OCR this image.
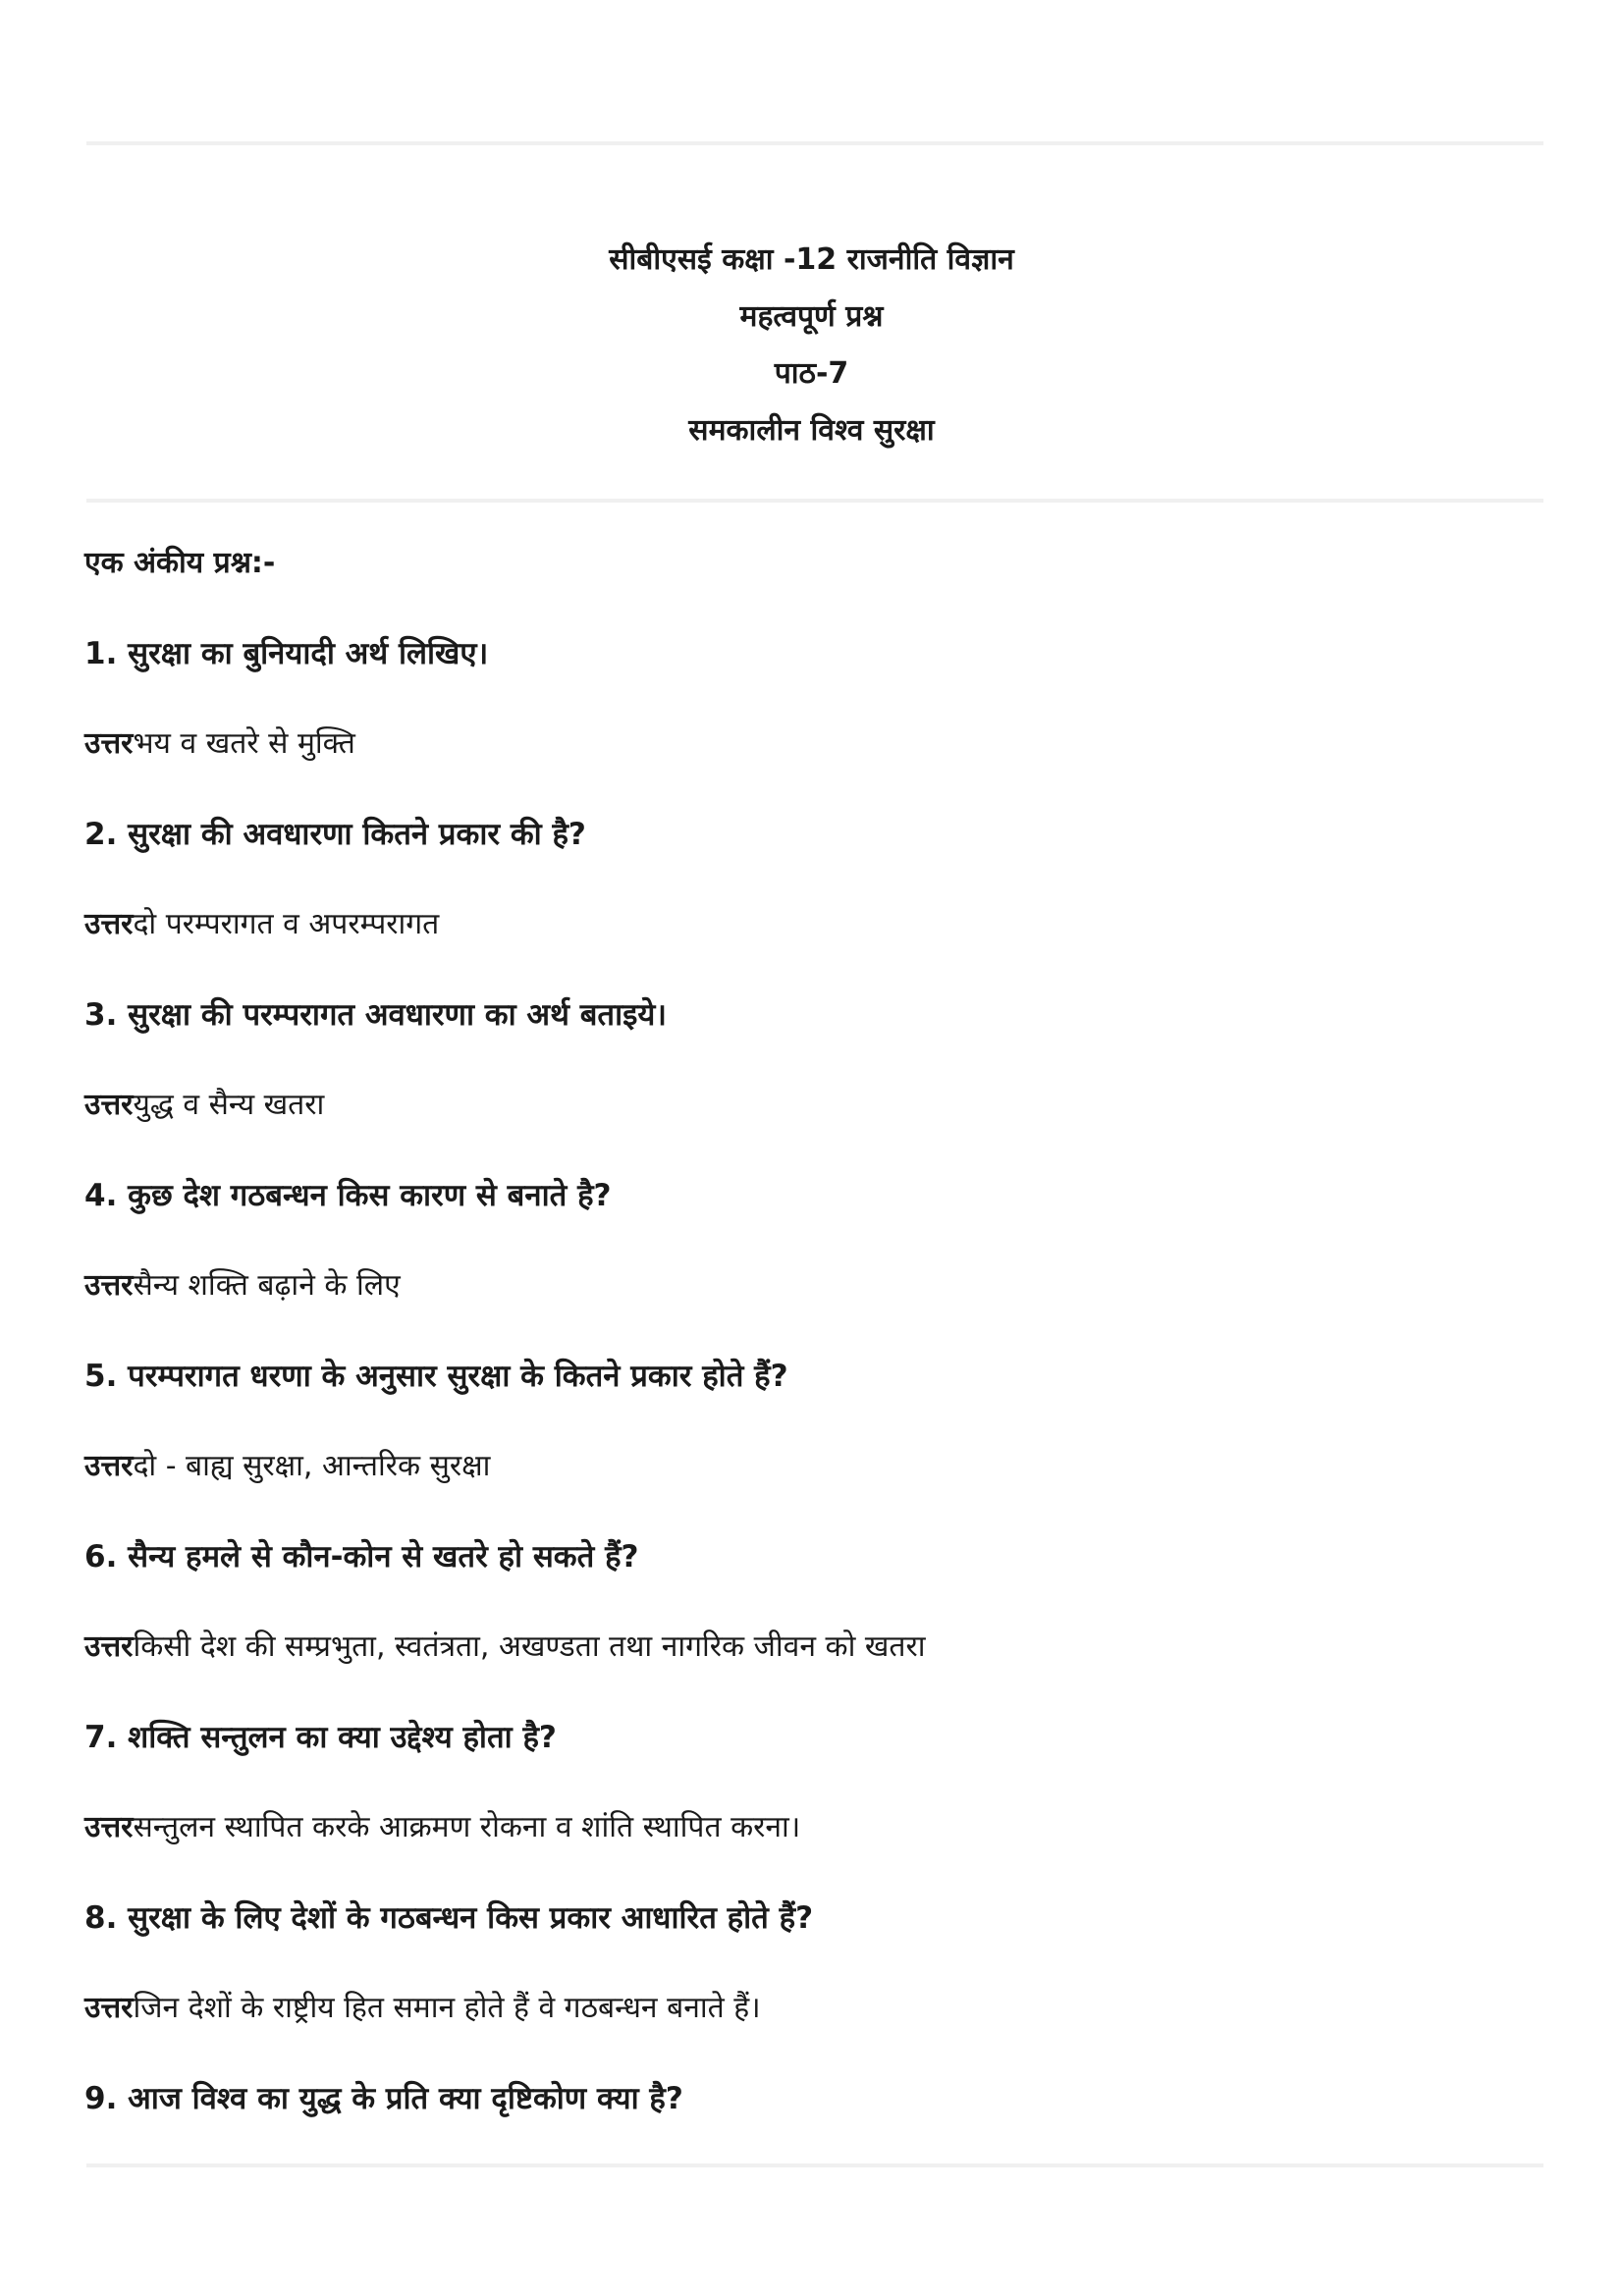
सीबीएसई कक्षा -12 राजनीति विज्ञान
महत्वपूर्ण प्रश्न
पाठ-7
समकालीन विश्व सुरक्षा
एक अंकीय प्रश्न:-
1. सुरक्षा का बुनियादी अर्थ लिखिए।
उत्तरभय व खतरे से मुक्ति
2. सुरक्षा की अवधारणा कितने प्रकार की है?
उत्तरदो परम्परागत व अपरम्परागत
3. सुरक्षा की परम्परागत अवधारणा का अर्थ बताइये।
उत्तरयुद्ध व सैन्य खतरा
4. कुछ देश गठबन्धन किस कारण से बनाते है?
उत्तरसैन्य शक्ति बढ़ाने के लिए
5. परम्परागत धरणा के अनुसार सुरक्षा के कितने प्रकार होते हैं?
उत्तरदो - बाह्य सुरक्षा, आन्तरिक सुरक्षा
6. सैन्य हमले से कौन-कोन से खतरे हो सकते हैं?
उत्तरकिसी देश की सम्प्रभुता, स्वतंत्रता, अखण्डता तथा नागरिक जीवन को खतरा
7. शक्ति सन्तुलन का क्या उद्देश्य होता है?
उत्तरसन्तुलन स्थापित करके आक्रमण रोकना व शांति स्थापित करना।
8. सुरक्षा के लिए देशों के गठबन्धन किस प्रकार आधारित होते हैं?
उत्तरजिन देशों के राष्ट्रीय हित समान होते हैं वे गठबन्धन बनाते हैं।
9. आज विश्व का युद्ध के प्रति क्या दृष्टिकोण क्या है?
